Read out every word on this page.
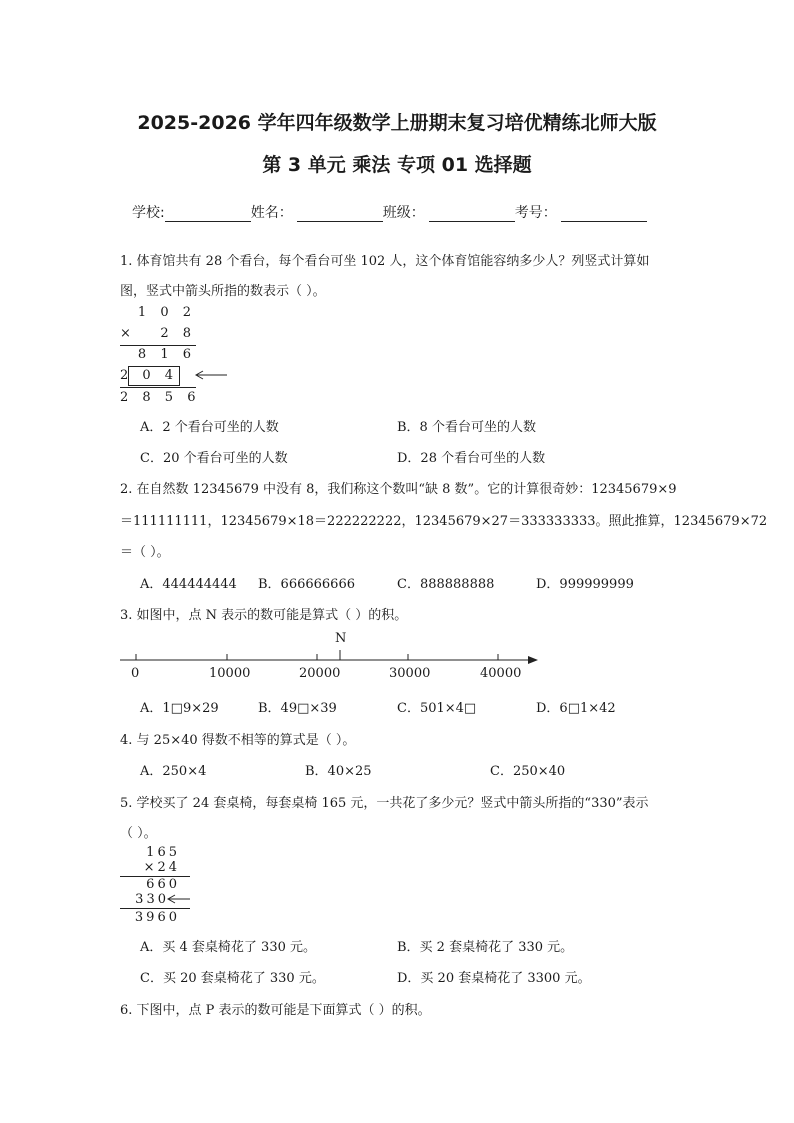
2025-2026 学年四年级数学上册期末复习培优精练北师大版
第 3 单元 乘法 专项 01 选择题
学校:	姓名：	班级：	考号：
1. 体育馆共有 28 个看台，每个看台可坐 102 人，这个体育馆能容纳多少人？列竖式计算如
图，竖式中箭头所指的数表示（ ）。
1 0 2
×	2 8
8 1 6
2 0 4
2 8 5 6
A．2 个看台可坐的人数	B．8 个看台可坐的人数
C．20 个看台可坐的人数	D．28 个看台可坐的人数
2. 在自然数 12345679 中没有 8，我们称这个数叫“缺 8 数”。它的计算很奇妙：12345679×9
＝111111111，12345679×18＝222222222，12345679×27＝333333333。照此推算，12345679×72
＝（ ）。
A．444444444 B．666666666	C．888888888	D．999999999
3. 如图中，点 N 表示的数可能是算式（ ）的积。
N
0	10000	20000	30000	40000
A．1□9×29	B．49□×39	C．501×4□	D．6□1×42
4. 与 25×40 得数不相等的算式是（ ）。
A．250×4	B．40×25	C．250×40
5. 学校买了 24 套桌椅，每套桌椅 165 元，一共花了多少元？竖式中箭头所指的“330”表示
（ ）。
165
×24
660
330
3960
A．买 4 套桌椅花了 330 元。	B．买 2 套桌椅花了 330 元。
C．买 20 套桌椅花了 330 元。	D．买 20 套桌椅花了 3300 元。
6. 下图中，点 P 表示的数可能是下面算式（ ）的积。
